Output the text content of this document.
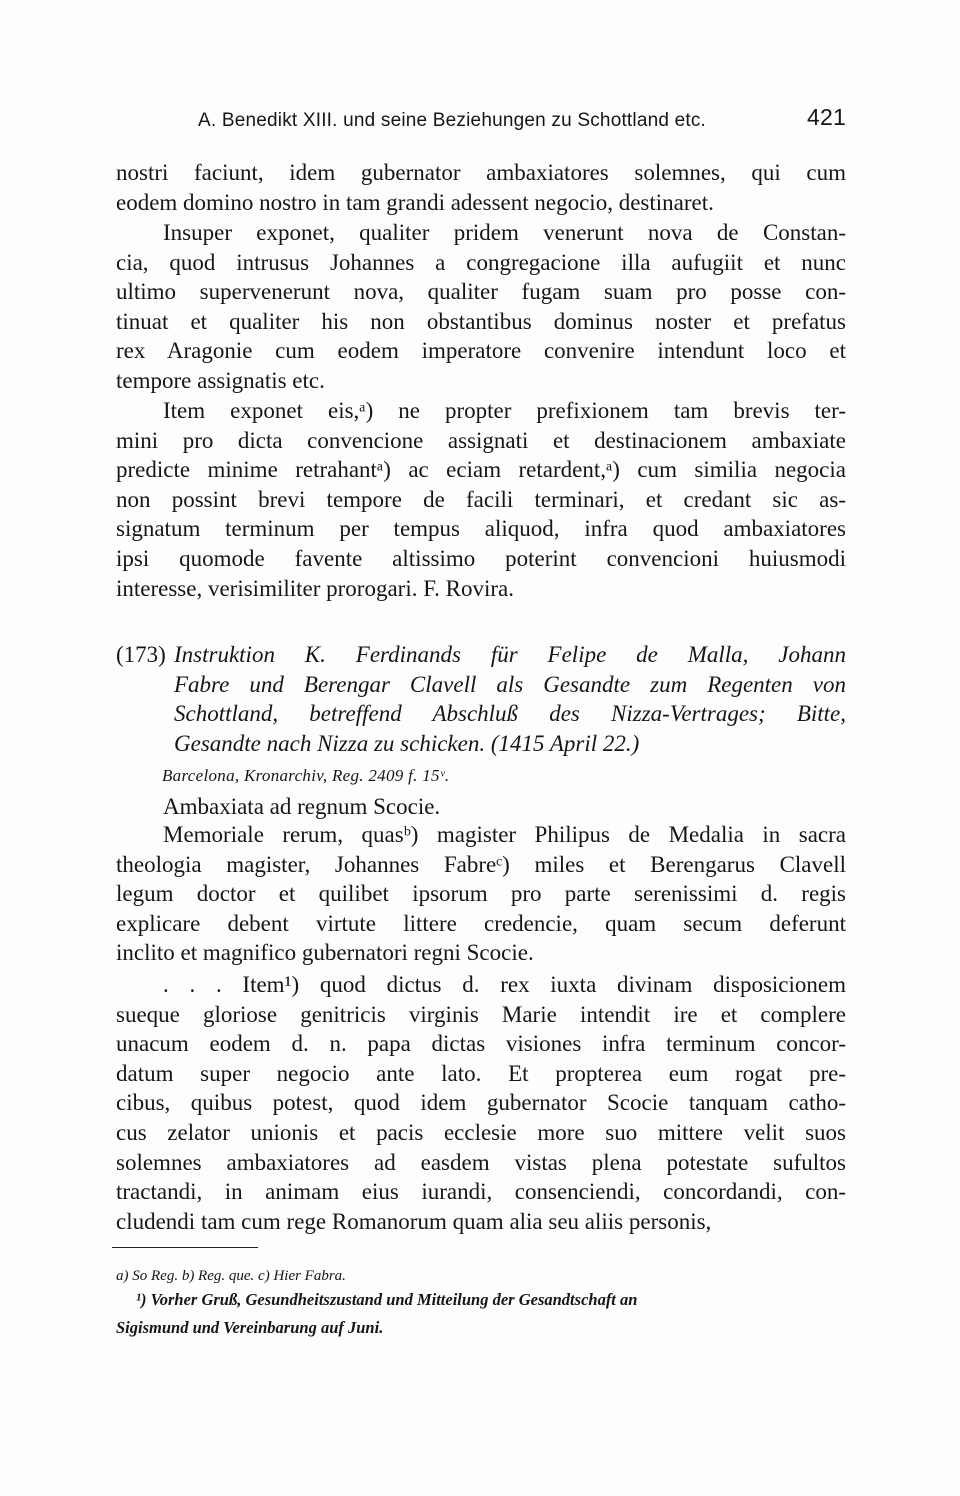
A. Benedikt XIII. und seine Beziehungen zu Schottland etc.	421

nostri faciunt, idem gubernator ambaxiatores solemnes, qui cum
eodem domino nostro in tam grandi adessent negocio, destinaret.

Insuper exponet, qualiter pridem venerunt nova de Constan-
cia, quod intrusus Johannes a congregacione illa aufugiit et nunc
ultimo supervenerunt nova, qualiter fugam suam pro posse con-
tinuat et qualiter his non obstantibus dominus noster et prefatus
rex Aragonie cum eodem imperatore convenire intendunt loco et
tempore assignatis etc.

Item exponet eis,ᵃ) ne propter prefixionem tam brevis ter-
mini pro dicta convencione assignati et destinacionem ambaxiate
predicte minime retrahantᵃ) ac eciam retardent,ᵃ) cum similia negocia
non possint brevi tempore de facili terminari, et credant sic as-
signatum terminum per tempus aliquod, infra quod ambaxiatores
ipsi quomode favente altissimo poterint convencioni huiusmodi
interesse, verisimiliter prorogari. F. Rovira.

(173) Instruktion K. Ferdinands für Felipe de Malla, Johann
Fabre und Berengar Clavell als Gesandte zum Regenten von
Schottland, betreffend Abschluß des Nizza-Vertrages; Bitte,
Gesandte nach Nizza zu schicken. (1415 April 22.)
Barcelona, Kronarchiv, Reg. 2409 f. 15ᵛ.

Ambaxiata ad regnum Scocie.

Memoriale rerum, quasᵇ) magister Philipus de Medalia in sacra
theologia magister, Johannes Fabreᶜ) miles et Berengarus Clavell
legum doctor et quilibet ipsorum pro parte serenissimi d. regis
explicare debent virtute littere credencie, quam secum deferunt
inclito et magnifico gubernatori regni Scocie.

. . . Item¹) quod dictus d. rex iuxta divinam disposicionem
sueque gloriose genitricis virginis Marie intendit ire et complere
unacum eodem d. n. papa dictas visiones infra terminum concor-
datum super negocio ante lato. Et propterea eum rogat pre-
cibus, quibus potest, quod idem gubernator Scocie tanquam catho-
cus zelator unionis et pacis ecclesie more suo mittere velit suos
solemnes ambaxiatores ad easdem vistas plena potestate sufultos
tractandi, in animam eius iurandi, consenciendi, concordandi, con-
cludendi tam cum rege Romanorum quam alia seu aliis personis,

a) So Reg. b) Reg. que. c) Hier Fabra.
¹) Vorher Gruß, Gesundheitszustand und Mitteilung der Gesandtschaft an
Sigismund und Vereinbarung auf Juni.
